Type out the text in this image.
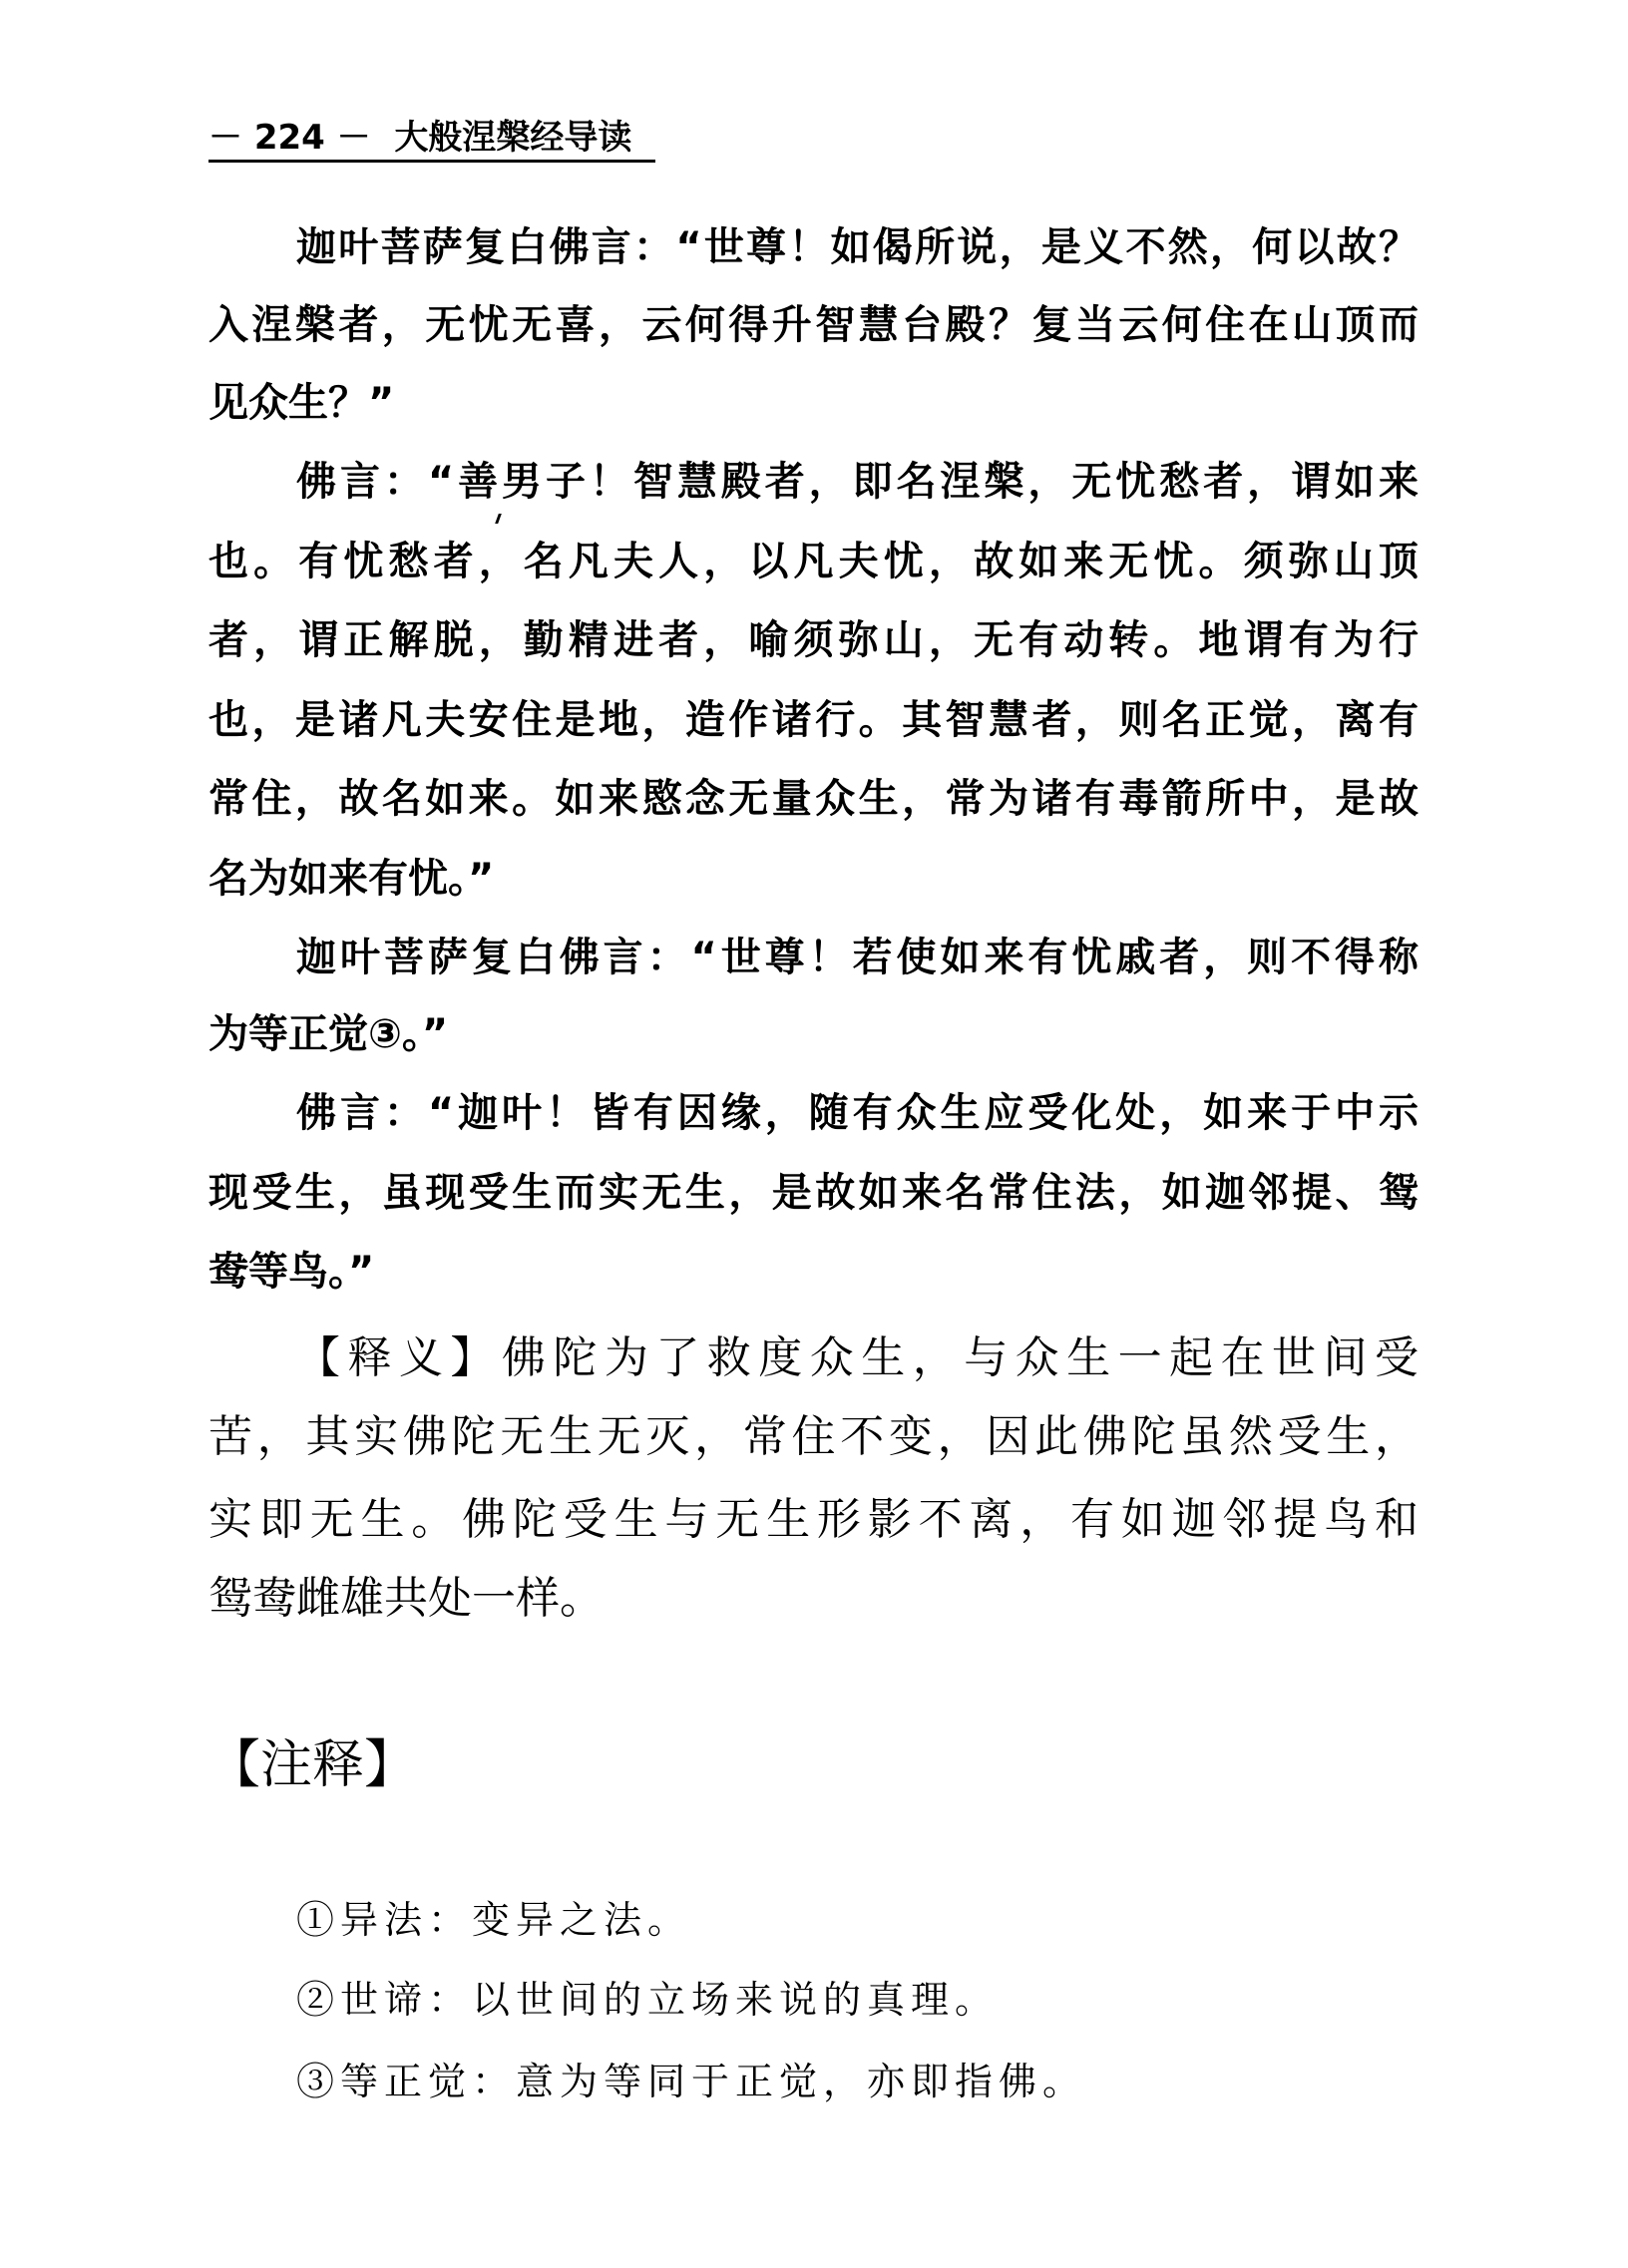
－ 224 － 大般涅槃经导读
迦叶菩萨复白佛言：“世尊！如偈所说，是义不然，何以故？
入涅槃者，无忧无喜，云何得升智慧台殿？复当云何住在山顶而
见众生？”
佛言：“善男子！智慧殿者，即名涅槃，无忧愁者，谓如来
也。有忧愁者，名凡夫人，以凡夫忧，故如来无忧。须弥山顶
者，谓正解脱，勤精进者，喻须弥山，无有动转。地谓有为行
也，是诸凡夫安住是地，造作诸行。其智慧者，则名正觉，离有
常住，故名如来。如来愍念无量众生，常为诸有毒箭所中，是故
名为如来有忧。”
迦叶菩萨复白佛言：“世尊！若使如来有忧戚者，则不得称
为等正觉③。”
佛言：“迦叶！皆有因缘，随有众生应受化处，如来于中示
现受生，虽现受生而实无生，是故如来名常住法，如迦邻提、鸳
鸯等鸟。”
【释义】佛陀为了救度众生，与众生一起在世间受
苦，其实佛陀无生无灭，常住不变，因此佛陀虽然受生，
实即无生。佛陀受生与无生形影不离，有如迦邻提鸟和
鸳鸯雌雄共处一样。
【注释】
①异法：变异之法。
②世谛：以世间的立场来说的真理。
③等正觉：意为等同于正觉，亦即指佛。
